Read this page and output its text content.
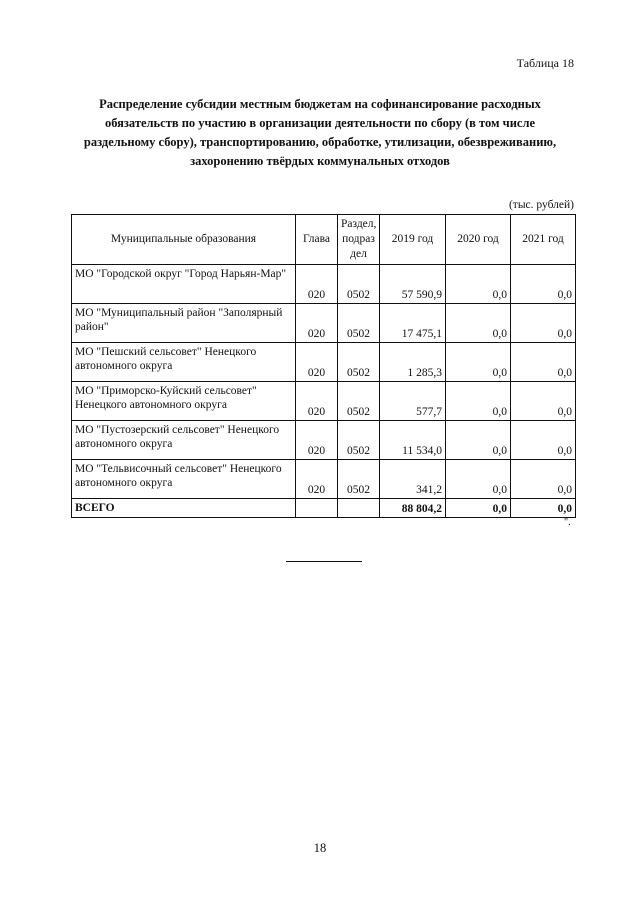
Таблица 18
Распределение субсидии местным бюджетам на софинансирование расходных обязательств по участию в организации деятельности по сбору (в том числе раздельному сбору), транспортированию, обработке, утилизации, обезвреживанию, захоронению твёрдых коммунальных отходов
(тыс. рублей)
Муниципальные образования	Глава	Раздел, подраз дел	2019 год	2020 год	2021 год
МО "Городской округ "Город Нарьян-Мар"	020	0502	57 590,9	0,0	0,0
МО "Муниципальный район "Заполярный район"	020	0502	17 475,1	0,0	0,0
МО "Пешский сельсовет" Ненецкого автономного округа	020	0502	1 285,3	0,0	0,0
МО "Приморско-Куйский сельсовет" Ненецкого автономного округа	020	0502	577,7	0,0	0,0
МО "Пустозерский сельсовет" Ненецкого автономного округа	020	0502	11 534,0	0,0	0,0
МО "Тельвисочный сельсовет" Ненецкого автономного округа	020	0502	341,2	0,0	0,0
ВСЕГО			88 804,2	0,0	0,0
".
18
